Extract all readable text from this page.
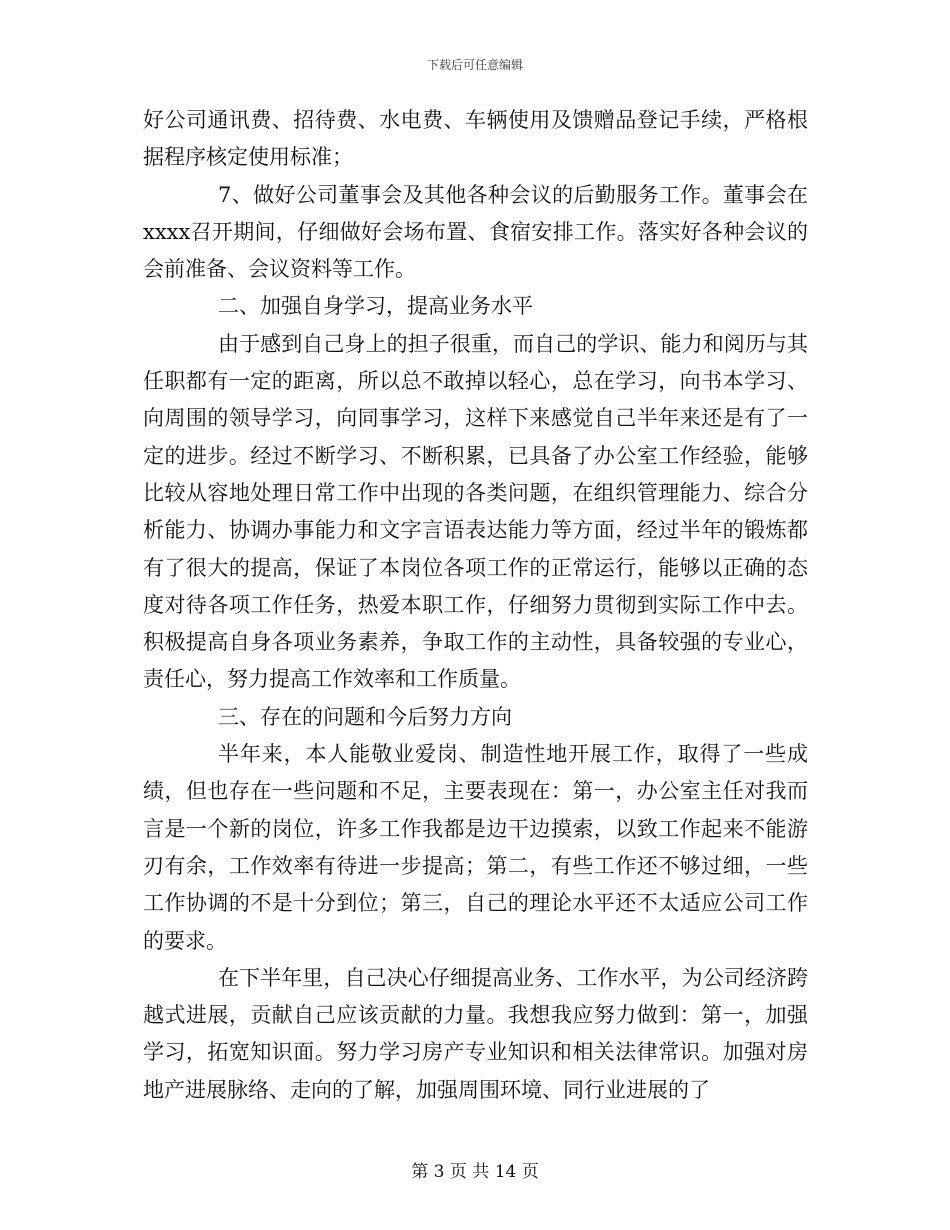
下载后可任意编辑

好公司通讯费、招待费、水电费、车辆使用及馈赠品登记手续，严格根据程序核定使用标准；

7、做好公司董事会及其他各种会议的后勤服务工作。董事会在xxxx召开期间，仔细做好会场布置、食宿安排工作。落实好各种会议的会前准备、会议资料等工作。

二、加强自身学习，提高业务水平

由于感到自己身上的担子很重，而自己的学识、能力和阅历与其任职都有一定的距离，所以总不敢掉以轻心，总在学习，向书本学习、向周围的领导学习，向同事学习，这样下来感觉自己半年来还是有了一定的进步。经过不断学习、不断积累，已具备了办公室工作经验，能够比较从容地处理日常工作中出现的各类问题，在组织管理能力、综合分析能力、协调办事能力和文字言语表达能力等方面，经过半年的锻炼都有了很大的提高，保证了本岗位各项工作的正常运行，能够以正确的态度对待各项工作任务，热爱本职工作，仔细努力贯彻到实际工作中去。积极提高自身各项业务素养，争取工作的主动性，具备较强的专业心，责任心，努力提高工作效率和工作质量。

三、存在的问题和今后努力方向

半年来，本人能敬业爱岗、制造性地开展工作，取得了一些成绩，但也存在一些问题和不足，主要表现在：第一，办公室主任对我而言是一个新的岗位，许多工作我都是边干边摸索，以致工作起来不能游刃有余，工作效率有待进一步提高；第二，有些工作还不够过细，一些工作协调的不是十分到位；第三，自己的理论水平还不太适应公司工作的要求。

在下半年里，自己决心仔细提高业务、工作水平，为公司经济跨越式进展，贡献自己应该贡献的力量。我想我应努力做到：第一，加强学习，拓宽知识面。努力学习房产专业知识和相关法律常识。加强对房地产进展脉络、走向的了解，加强周围环境、同行业进展的了

第 3 页 共 14 页
